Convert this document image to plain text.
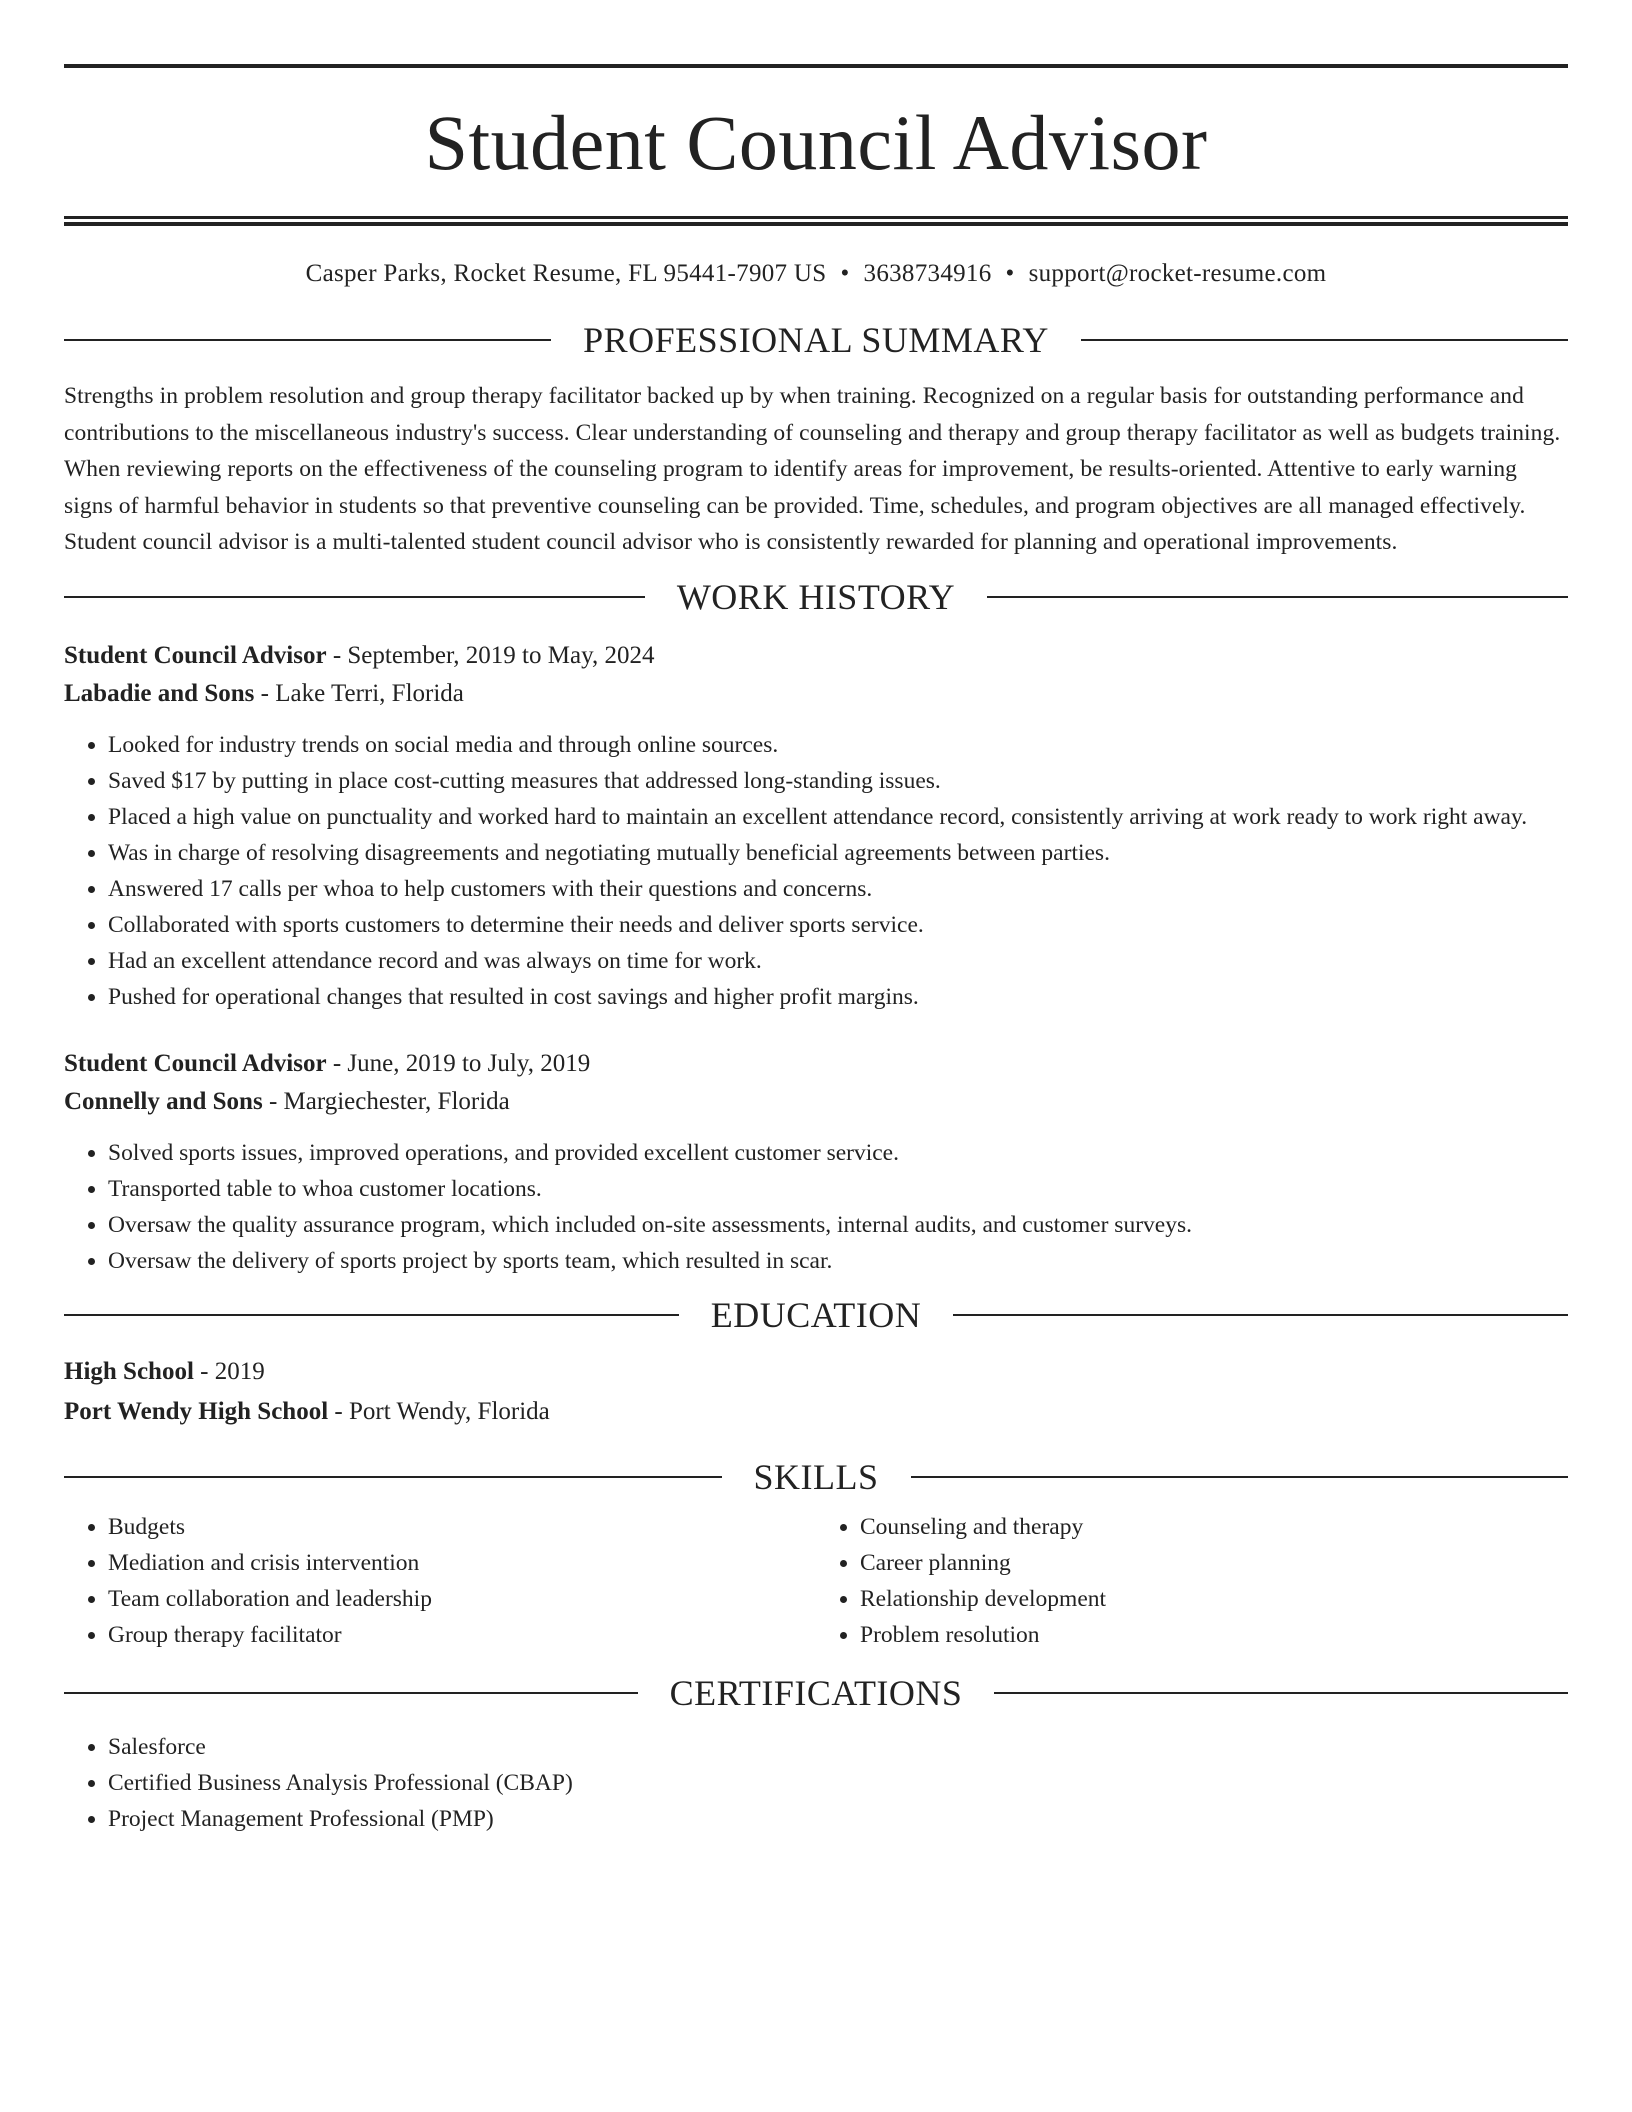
Student Council Advisor
Casper Parks, Rocket Resume, FL 95441-7907 US • 3638734916 • support@rocket-resume.com
PROFESSIONAL SUMMARY
Strengths in problem resolution and group therapy facilitator backed up by when training. Recognized on a regular basis for outstanding performance and contributions to the miscellaneous industry's success. Clear understanding of counseling and therapy and group therapy facilitator as well as budgets training. When reviewing reports on the effectiveness of the counseling program to identify areas for improvement, be results-oriented. Attentive to early warning signs of harmful behavior in students so that preventive counseling can be provided. Time, schedules, and program objectives are all managed effectively. Student council advisor is a multi-talented student council advisor who is consistently rewarded for planning and operational improvements.
WORK HISTORY
Student Council Advisor - September, 2019 to May, 2024
Labadie and Sons - Lake Terri, Florida
• Looked for industry trends on social media and through online sources.
• Saved $17 by putting in place cost-cutting measures that addressed long-standing issues.
• Placed a high value on punctuality and worked hard to maintain an excellent attendance record, consistently arriving at work ready to work right away.
• Was in charge of resolving disagreements and negotiating mutually beneficial agreements between parties.
• Answered 17 calls per whoa to help customers with their questions and concerns.
• Collaborated with sports customers to determine their needs and deliver sports service.
• Had an excellent attendance record and was always on time for work.
• Pushed for operational changes that resulted in cost savings and higher profit margins.
Student Council Advisor - June, 2019 to July, 2019
Connelly and Sons - Margiechester, Florida
• Solved sports issues, improved operations, and provided excellent customer service.
• Transported table to whoa customer locations.
• Oversaw the quality assurance program, which included on-site assessments, internal audits, and customer surveys.
• Oversaw the delivery of sports project by sports team, which resulted in scar.
EDUCATION
High School - 2019
Port Wendy High School - Port Wendy, Florida
SKILLS
• Budgets
• Mediation and crisis intervention
• Team collaboration and leadership
• Group therapy facilitator
• Counseling and therapy
• Career planning
• Relationship development
• Problem resolution
CERTIFICATIONS
• Salesforce
• Certified Business Analysis Professional (CBAP)
• Project Management Professional (PMP)
